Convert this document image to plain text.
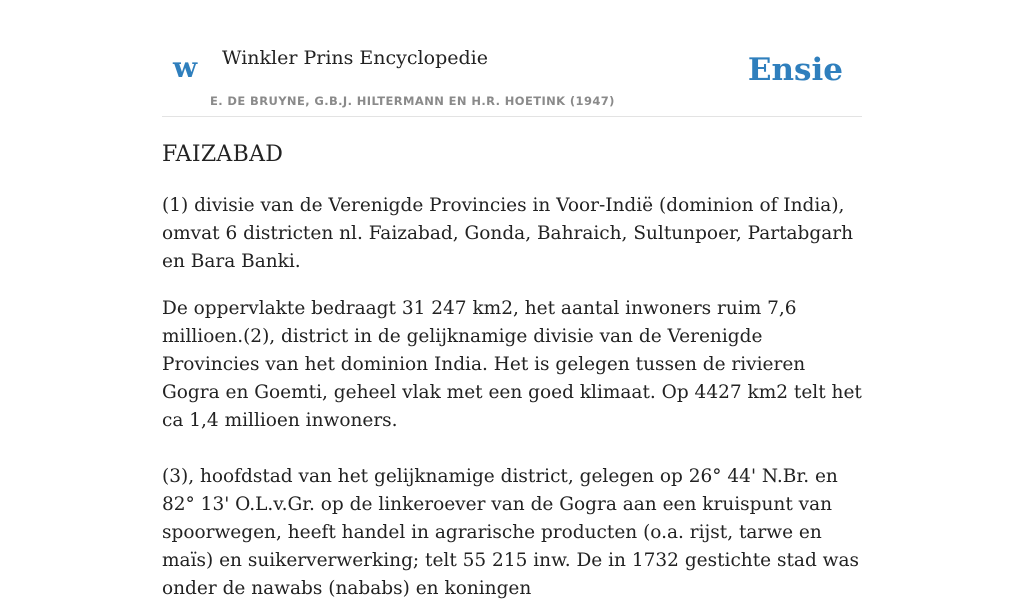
w Winkler Prins Encyclopedie
E. DE BRUYNE, G.B.J. HILTERMANN EN H.R. HOETINK (1947)
Ensie
FAIZABAD

(1) divisie van de Verenigde Provincies in Voor-Indië (dominion of India), omvat 6 districten nl. Faizabad, Gonda, Bahraich, Sultunpoer, Partabgarh en Bara Banki.

De oppervlakte bedraagt 31 247 km2, het aantal inwoners ruim 7,6 millioen.(2), district in de gelijknamige divisie van de Verenigde Provincies van het dominion India. Het is gelegen tussen de rivieren Gogra en Goemti, geheel vlak met een goed klimaat. Op 4427 km2 telt het ca 1,4 millioen inwoners.

(3), hoofdstad van het gelijknamige district, gelegen op 26° 44' N.Br. en 82° 13' O.L.v.Gr. op de linkeroever van de Gogra aan een kruispunt van spoorwegen, heeft handel in agrarische producten (o.a. rijst, tarwe en maïs) en suikerverwerking; telt 55 215 inw. De in 1732 gestichte stad was onder de nawabs (nababs) en koningen
